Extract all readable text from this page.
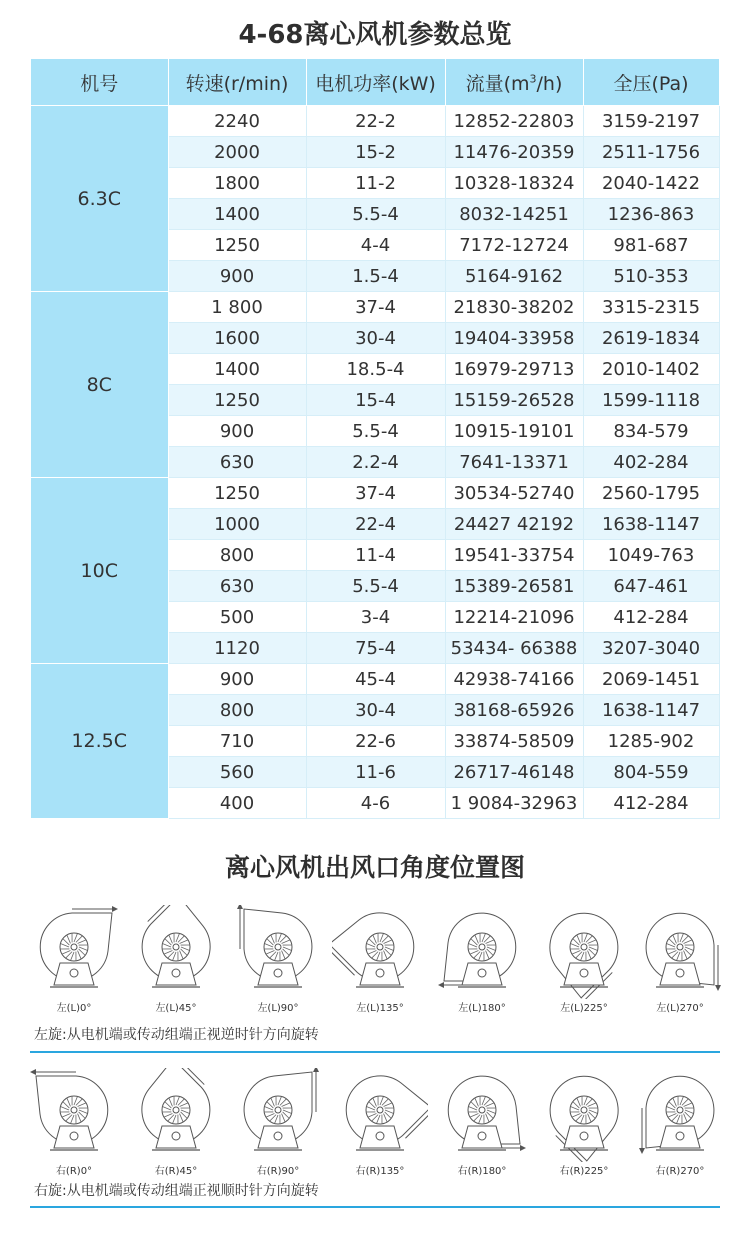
4-68离心风机参数总览
机号	转速(r/min)	电机功率(kW)	流量$(m^3/h)$	全压(Pa)
6.3C	2240	22-2	12852-22803	3159-2197
	2000	15-2	11476-20359	2511-1756
	1800	11-2	10328-18324	2040-1422
	1400	5.5-4	8032-14251	1236-863
	1250	4-4	7172-12724	981-687
	900	1.5-4	5164-9162	510-353
8C	1 800	37-4	21830-38202	3315-2315
	1600	30-4	19404-33958	2619-1834
	1400	18.5-4	16979-29713	2010-1402
	1250	15-4	15159-26528	1599-1118
	900	5.5-4	10915-19101	834-579
	630	2.2-4	7641-13371	402-284
10C	1250	37-4	30534-52740	2560-1795
	1000	22-4	24427 42192	1638-1147
	800	11-4	19541-33754	1049-763
	630	5.5-4	15389-26581	647-461
	500	3-4	12214-21096	412-284
	1120	75-4	53434- 66388	3207-3040
12.5C	900	45-4	42938-74166	2069-1451
	800	30-4	38168-65926	1638-1147
	710	22-6	33874-58509	1285-902
	560	11-6	26717-46148	804-559
	400	4-6	1 9084-32963	412-284
离心风机出风口角度位置图
左(L)0°	左(L)45°	左(L)90°	左(L)135°	左(L)180°	左(L)225°	左(L)270°
左旋:从电机端或传动组端正视逆时针方向旋转
右(R)0°	右(R)45°	右(R)90°	右(R)135°	右(R)180°	右(R)225°	右(R)270°
右旋:从电机端或传动组端正视顺时针方向旋转
